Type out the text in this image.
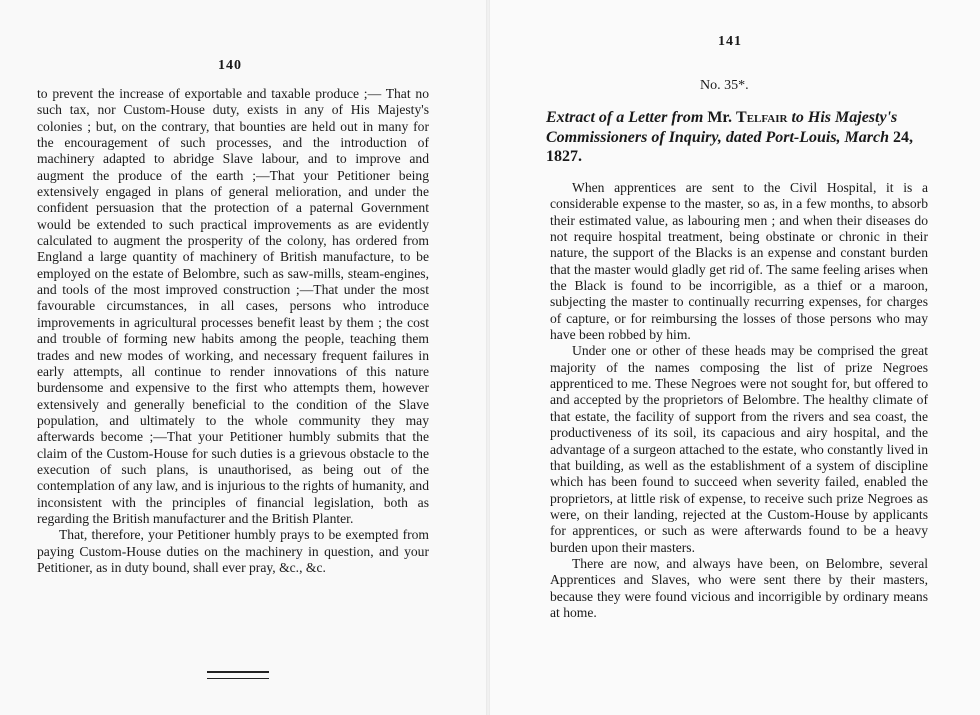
140

to prevent the increase of exportable and taxable produce ;— That no such tax, nor Custom-House duty, exists in any of His Majesty's colonies ; but, on the contrary, that bounties are held out in many for the encouragement of such processes, and the introduction of machinery adapted to abridge Slave labour, and to improve and augment the produce of the earth ;—That your Petitioner being extensively engaged in plans of general melioration, and under the confident persuasion that the protection of a paternal Government would be extended to such practical improvements as are evidently calculated to augment the prosperity of the colony, has ordered from England a large quantity of machinery of British manufacture, to be employed on the estate of Belombre, such as saw-mills, steam-engines, and tools of the most improved construction ;—That under the most favourable circumstances, in all cases, persons who introduce improvements in agricultural processes benefit least by them ; the cost and trouble of forming new habits among the people, teaching them trades and new modes of working, and necessary frequent failures in early attempts, all continue to render innovations of this nature burdensome and expensive to the first who attempts them, however extensively and generally beneficial to the condition of the Slave population, and ultimately to the whole community they may afterwards become ;—That your Petitioner humbly submits that the claim of the Custom-House for such duties is a grievous obstacle to the execution of such plans, is unauthorised, as being out of the contemplation of any law, and is injurious to the rights of humanity, and inconsistent with the principles of financial legislation, both as regarding the British manufacturer and the British Planter.

That, therefore, your Petitioner humbly prays to be exempted from paying Custom-House duties on the machinery in question, and your Petitioner, as in duty bound, shall ever pray, &c., &c.

141
No. 35*.
Extract of a Letter from Mr. Telfair to His Majesty's Commissioners of Inquiry, dated Port-Louis, March 24, 1827.

When apprentices are sent to the Civil Hospital, it is a considerable expense to the master, so as, in a few months, to absorb their estimated value, as labouring men ; and when their diseases do not require hospital treatment, being obstinate or chronic in their nature, the support of the Blacks is an expense and constant burden that the master would gladly get rid of. The same feeling arises when the Black is found to be incorrigible, as a thief or a maroon, subjecting the master to continually recurring expenses, for charges of capture, or for reimbursing the losses of those persons who may have been robbed by him.

Under one or other of these heads may be comprised the great majority of the names composing the list of prize Negroes apprenticed to me. These Negroes were not sought for, but offered to and accepted by the proprietors of Belombre. The healthy climate of that estate, the facility of support from the rivers and sea coast, the productiveness of its soil, its capacious and airy hospital, and the advantage of a surgeon attached to the estate, who constantly lived in that building, as well as the establishment of a system of discipline which has been found to succeed when severity failed, enabled the proprietors, at little risk of expense, to receive such prize Negroes as were, on their landing, rejected at the Custom-House by applicants for apprentices, or such as were afterwards found to be a heavy burden upon their masters.

There are now, and always have been, on Belombre, several Apprentices and Slaves, who were sent there by their masters, because they were found vicious and incorrigible by ordinary means at home.
